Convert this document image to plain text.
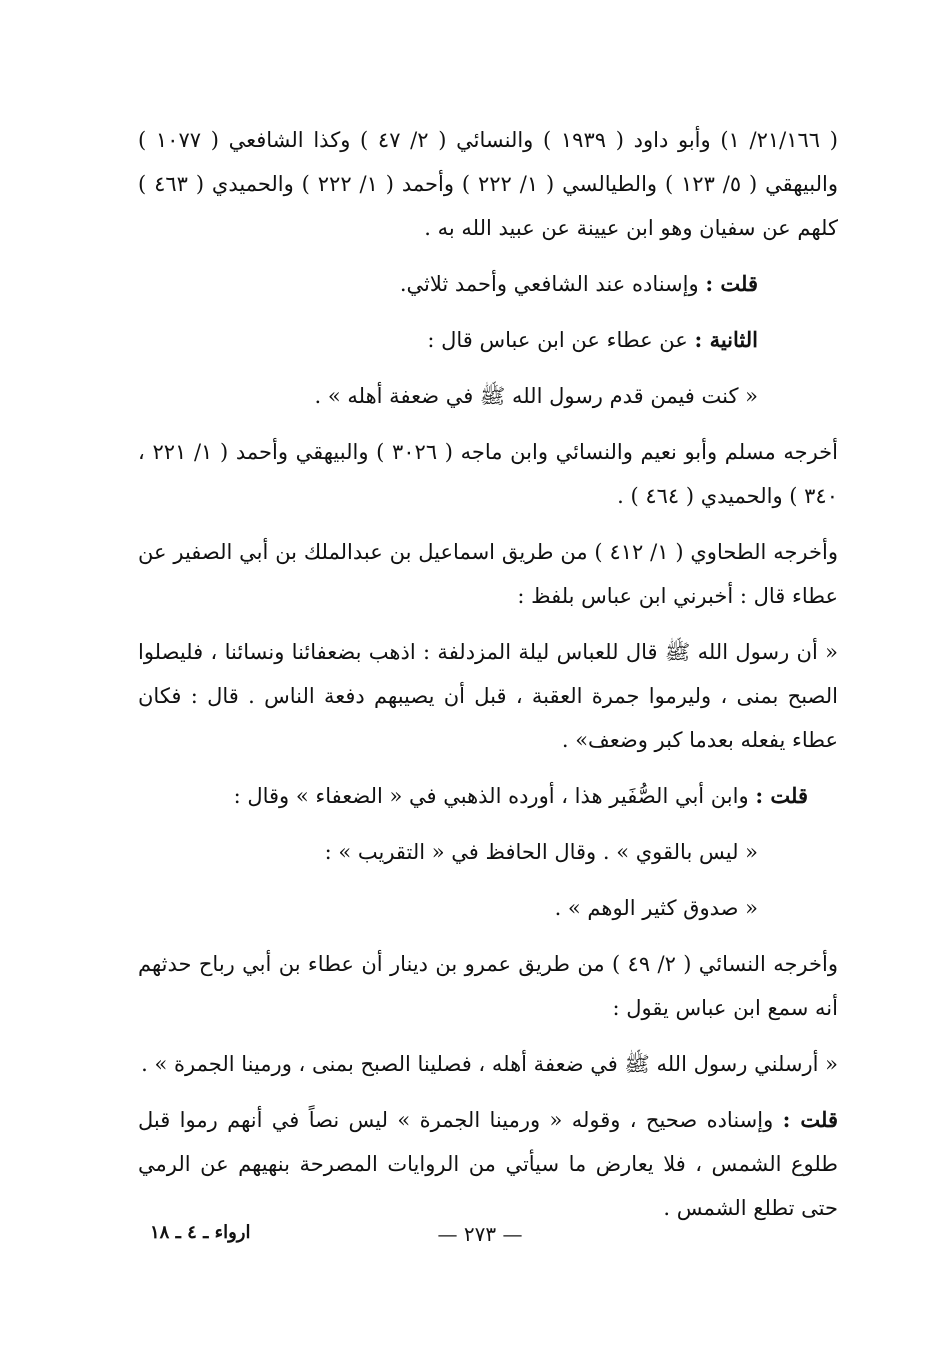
( ٢١/١٦٦/ ١) وأبو داود ( ١٩٣٩ ) والنسائي ( ٢/ ٤٧ ) وكذا الشافعي ( ١٠٧٧ ) والبيهقي ( ٥/ ١٢٣ ) والطيالسي ( ١/ ٢٢٢ ) وأحمد ( ١/ ٢٢٢ ) والحميدي ( ٤٦٣ ) كلهم عن سفيان وهو ابن عيينة عن عبيد الله به .

قلت : وإسناده عند الشافعي وأحمد ثلاثي.

الثانية : عن عطاء عن ابن عباس قال :

« كنت فيمن قدم رسول الله ﷺ في ضعفة أهله » .

أخرجه مسلم وأبو نعيم والنسائي وابن ماجه ( ٣٠٢٦ ) والبيهقي وأحمد ( ١/ ٢٢١ ، ٣٤٠ ) والحميدي ( ٤٦٤ ) .

وأخرجه الطحاوي ( ١/ ٤١٢ ) من طريق اسماعيل بن عبدالملك بن أبي الصفير عن عطاء قال : أخبرني ابن عباس بلفظ :

« أن رسول الله ﷺ قال للعباس ليلة المزدلفة : اذهب بضعفائنا ونسائنا ، فليصلوا الصبح بمنى ، وليرموا جمرة العقبة ، قبل أن يصيبهم دفعة الناس . قال : فكان عطاء يفعله بعدما كبر وضعف» .

قلت : وابن أبي الصُّفَير هذا ، أورده الذهبي في « الضعفاء » وقال :

« ليس بالقوي » . وقال الحافظ في « التقريب » :

« صدوق كثير الوهم » .

وأخرجه النسائي ( ٢/ ٤٩ ) من طريق عمرو بن دينار أن عطاء بن أبي رباح حدثهم أنه سمع ابن عباس يقول :

« أرسلني رسول الله ﷺ في ضعفة أهله ، فصلينا الصبح بمنى ، ورمينا الجمرة » .

قلت : وإسناده صحيح ، وقوله « ورمينا الجمرة » ليس نصاً في أنهم رموا قبل طلوع الشمس ، فلا يعارض ما سيأتي من الروايات المصرحة بنهيهم عن الرمي حتى تطلع الشمس .

— ٢٧٣ —
ارواء ـ ٤ ـ ١٨
